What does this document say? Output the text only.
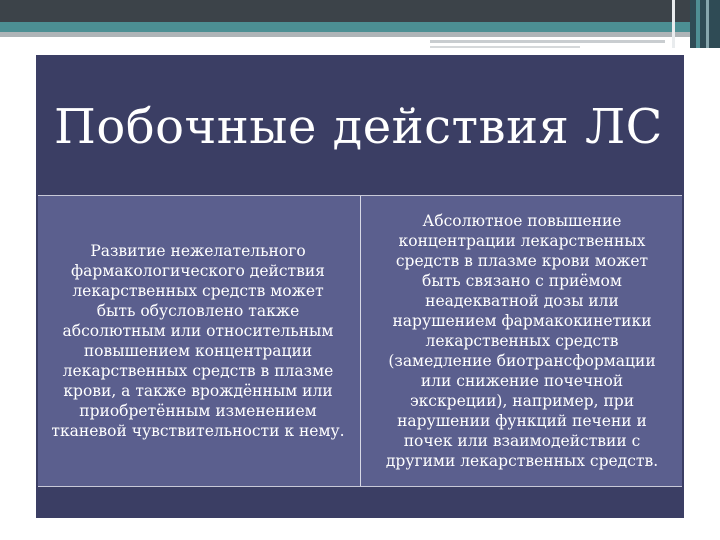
Побочные действия ЛС
Развитие нежелательного
фармакологического действия
лекарственных средств может
быть обусловлено также
абсолютным или относительным
повышением концентрации
лекарственных средств в плазме
крови, а также врождённым или
приобретённым изменением
тканевой чувствительности к нему.
Абсолютное повышение
концентрации лекарственных
средств в плазме крови может
быть связано с приёмом
неадекватной дозы или
нарушением фармакокинетики
лекарственных средств
(замедление биотрансформации
или снижение почечной
экскреции), например, при
нарушении функций печени и
почек или взаимодействии с
другими лекарственных средств.
